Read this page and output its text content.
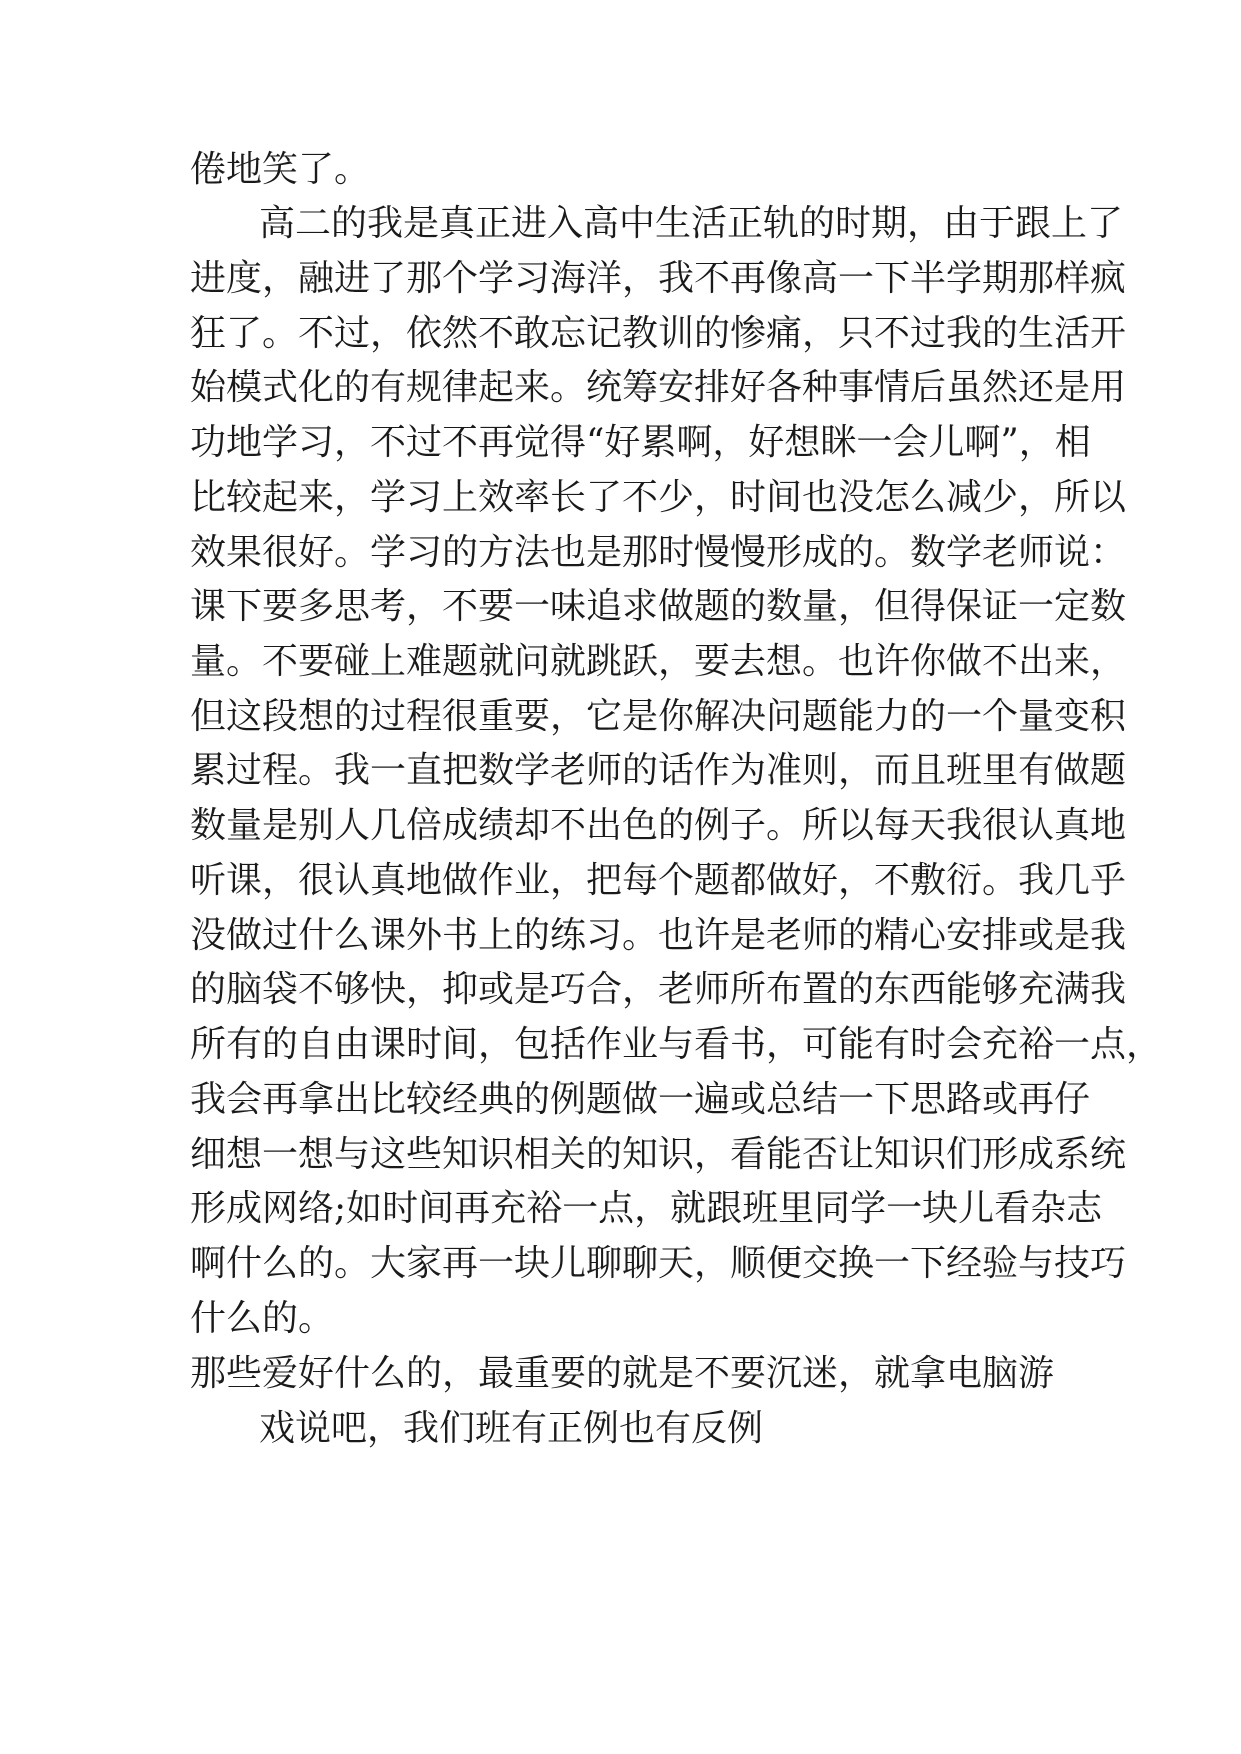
倦地笑了。

高二的我是真正进入高中生活正轨的时期，由于跟上了

进度，融进了那个学习海洋，我不再像高一下半学期那样疯

狂了。不过，依然不敢忘记教训的惨痛，只不过我的生活开

始模式化的有规律起来。统筹安排好各种事情后虽然还是用

功地学习，不过不再觉得“好累啊，好想眯一会儿啊”，相

比较起来，学习上效率长了不少，时间也没怎么减少，所以

效果很好。学习的方法也是那时慢慢形成的。数学老师说：

课下要多思考，不要一味追求做题的数量，但得保证一定数

量。不要碰上难题就问就跳跃，要去想。也许你做不出来，

但这段想的过程很重要，它是你解决问题能力的一个量变积

累过程。我一直把数学老师的话作为准则，而且班里有做题

数量是别人几倍成绩却不出色的例子。所以每天我很认真地

听课，很认真地做作业，把每个题都做好，不敷衍。我几乎

没做过什么课外书上的练习。也许是老师的精心安排或是我

的脑袋不够快，抑或是巧合，老师所布置的东西能够充满我

所有的自由课时间，包括作业与看书，可能有时会充裕一点，

我会再拿出比较经典的例题做一遍或总结一下思路或再仔

细想一想与这些知识相关的知识，看能否让知识们形成系统

形成网络;如时间再充裕一点，就跟班里同学一块儿看杂志

啊什么的。大家再一块儿聊聊天，顺便交换一下经验与技巧

什么的。

那些爱好什么的，最重要的就是不要沉迷，就拿电脑游

戏说吧，我们班有正例也有反例
